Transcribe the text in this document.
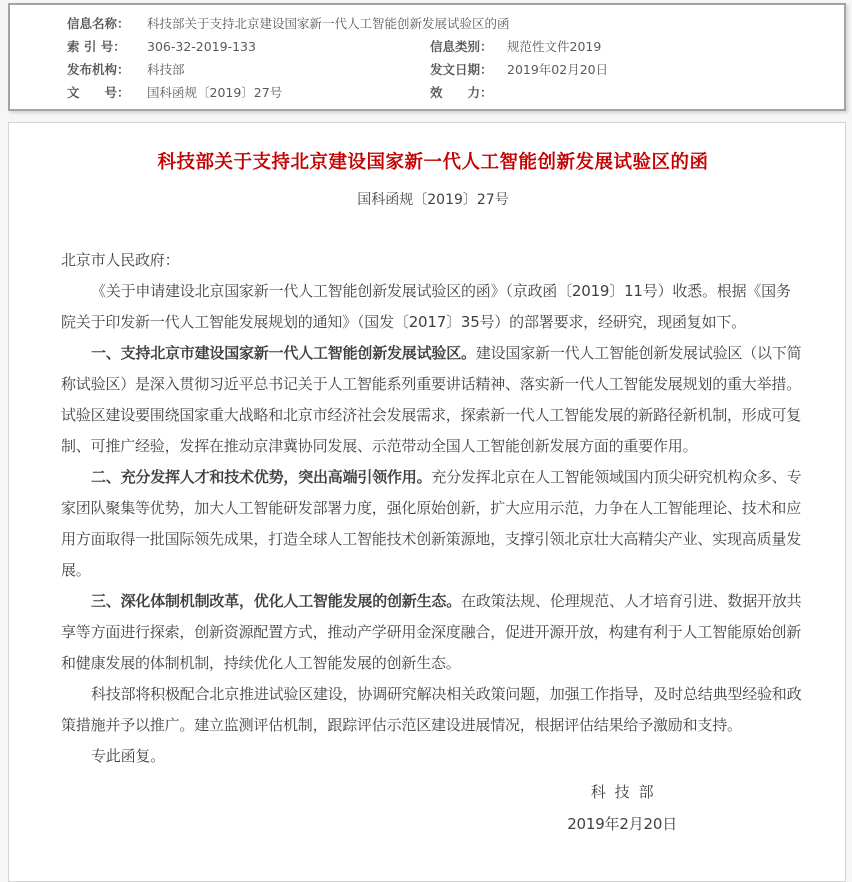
信息名称：	科技部关于支持北京建设国家新一代人工智能创新发展试验区的函
索 引 号：	306-32-2019-133	信息类别：	规范性文件2019
发布机构：	科技部	发文日期：	2019年02月20日
文　　号：	国科函规〔2019〕27号	效　　力：
科技部关于支持北京建设国家新一代人工智能创新发展试验区的函
国科函规〔2019〕27号

北京市人民政府：

《关于申请建设北京国家新一代人工智能创新发展试验区的函》（京政函〔2019〕11号）收悉。根据《国务院关于印发新一代人工智能发展规划的通知》（国发〔2017〕35号）的部署要求，经研究，现函复如下。

一、支持北京市建设国家新一代人工智能创新发展试验区。建设国家新一代人工智能创新发展试验区（以下简称试验区）是深入贯彻习近平总书记关于人工智能系列重要讲话精神、落实新一代人工智能发展规划的重大举措。试验区建设要围绕国家重大战略和北京市经济社会发展需求，探索新一代人工智能发展的新路径新机制，形成可复制、可推广经验，发挥在推动京津冀协同发展、示范带动全国人工智能创新发展方面的重要作用。

二、充分发挥人才和技术优势，突出高端引领作用。充分发挥北京在人工智能领域国内顶尖研究机构众多、专家团队聚集等优势，加大人工智能研发部署力度，强化原始创新，扩大应用示范，力争在人工智能理论、技术和应用方面取得一批国际领先成果，打造全球人工智能技术创新策源地，支撑引领北京壮大高精尖产业、实现高质量发展。

三、深化体制机制改革，优化人工智能发展的创新生态。在政策法规、伦理规范、人才培育引进、数据开放共享等方面进行探索，创新资源配置方式，推动产学研用金深度融合，促进开源开放，构建有利于人工智能原始创新和健康发展的体制机制，持续优化人工智能发展的创新生态。

科技部将积极配合北京推进试验区建设，协调研究解决相关政策问题，加强工作指导，及时总结典型经验和政策措施并予以推广。建立监测评估机制，跟踪评估示范区建设进展情况，根据评估结果给予激励和支持。

专此函复。

科  技  部
2019年2月20日
